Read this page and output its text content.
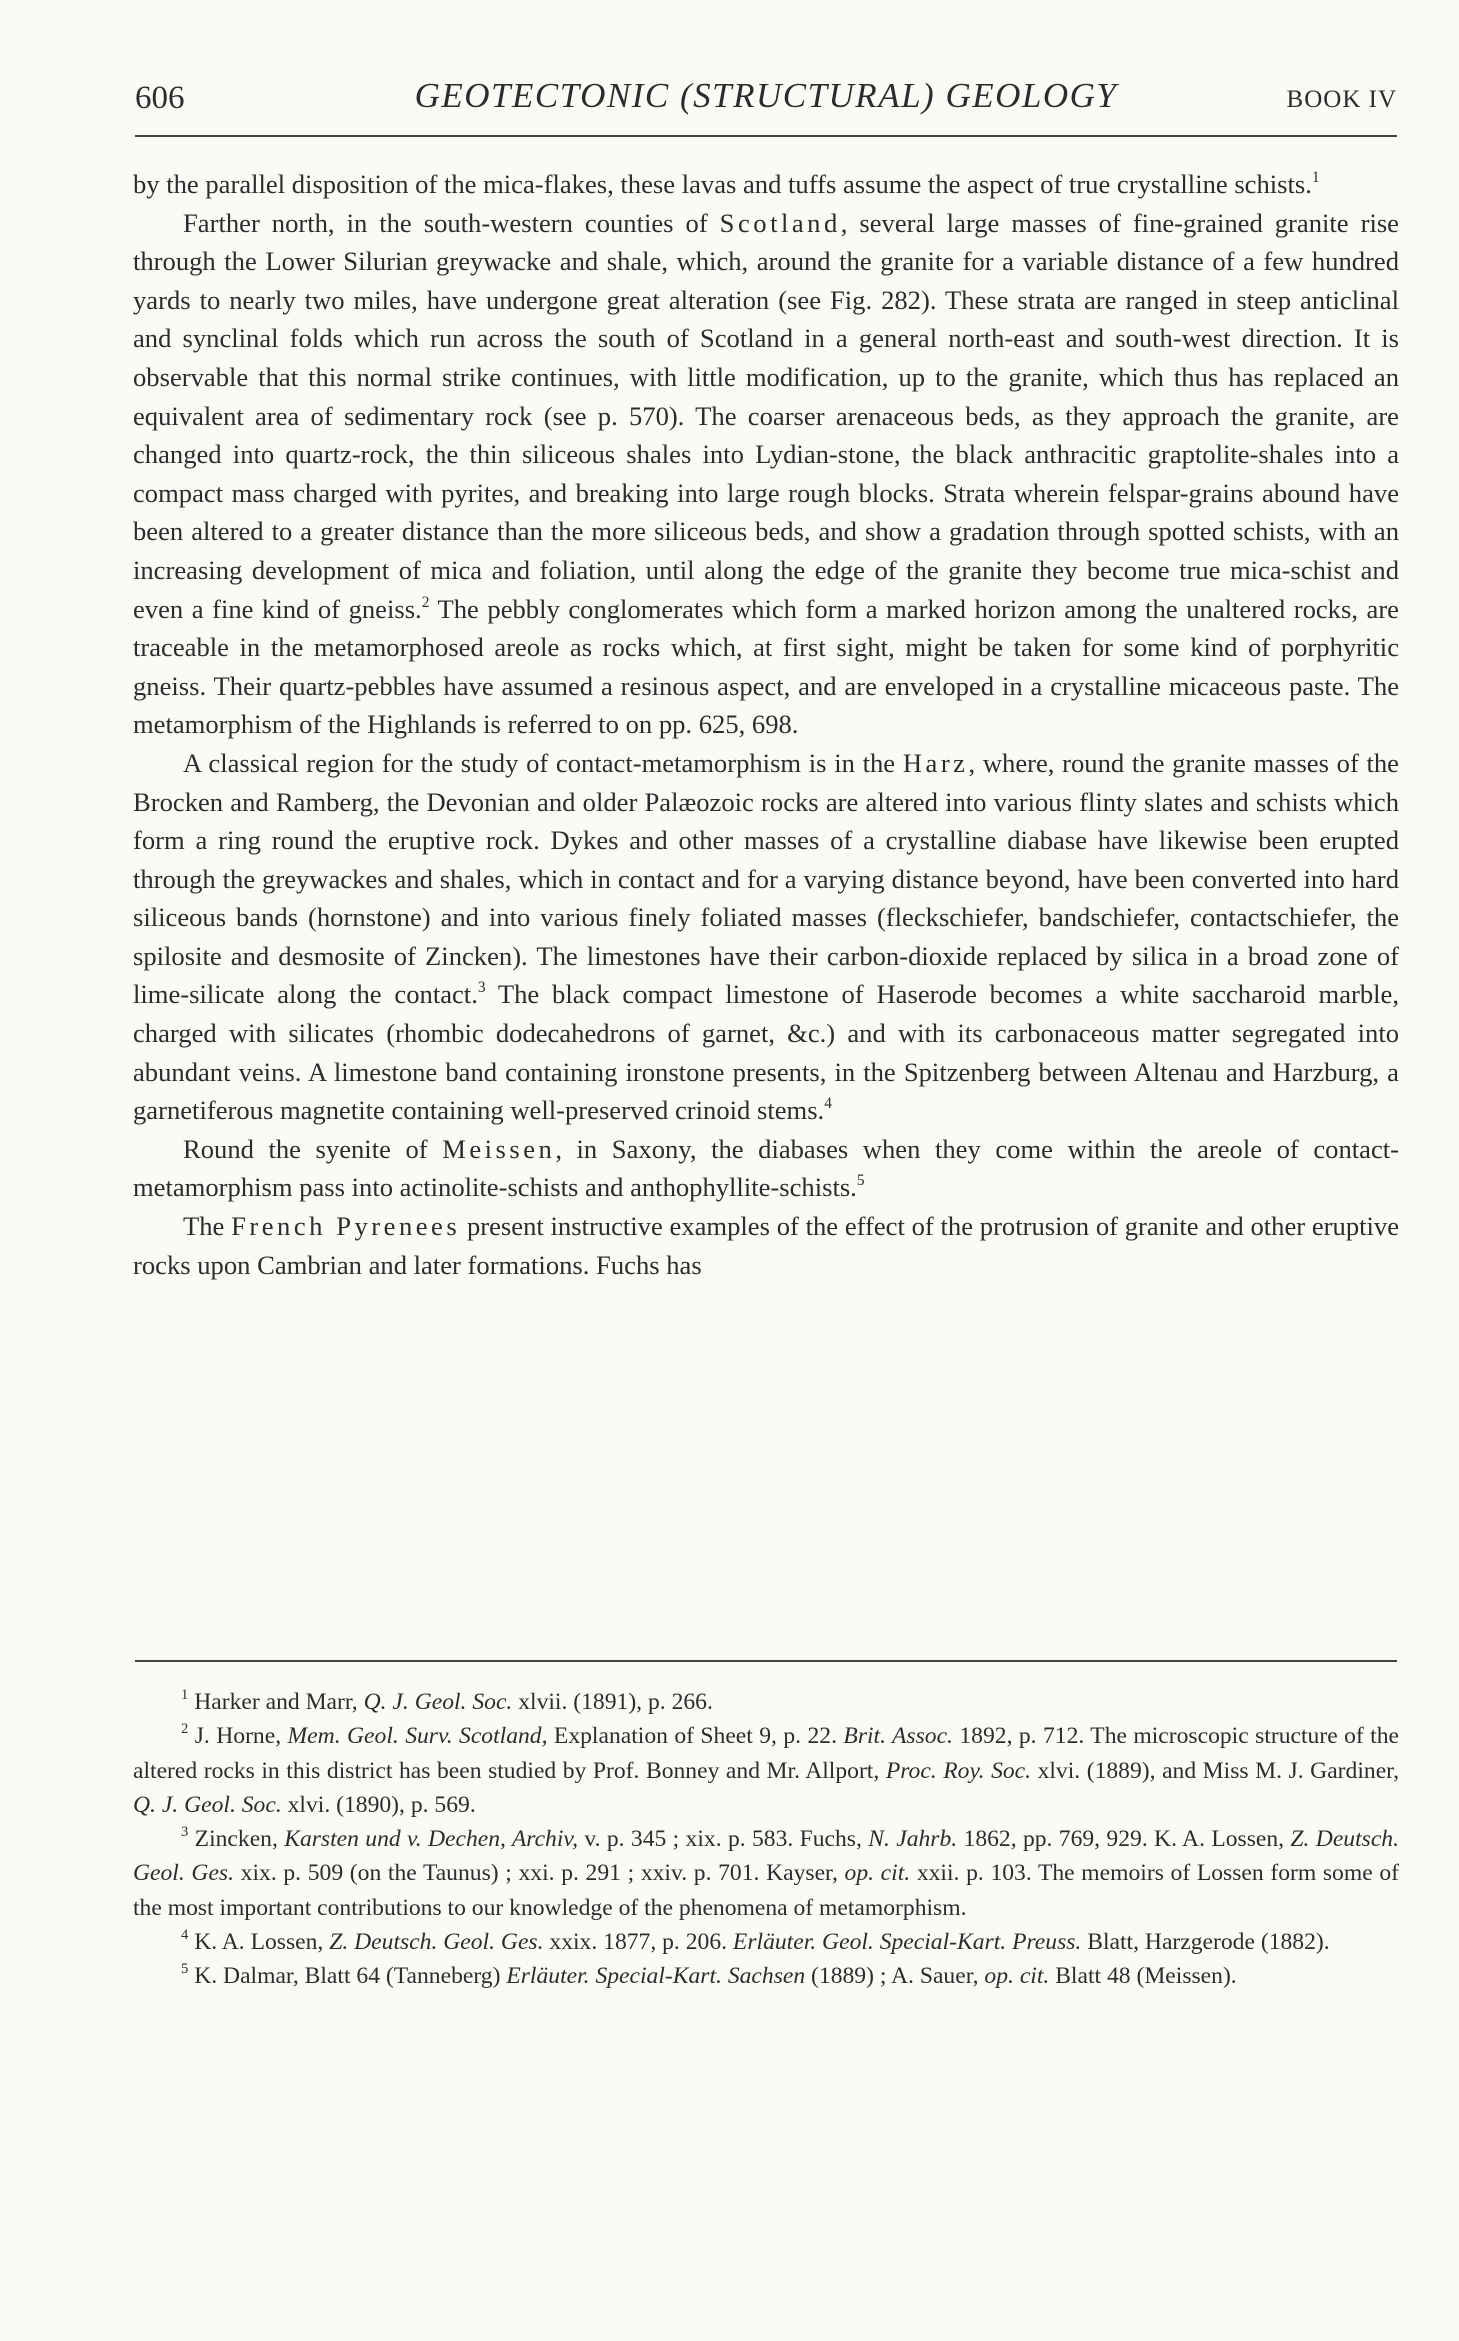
606	GEOTECTONIC (STRUCTURAL) GEOLOGY	BOOK IV

by the parallel disposition of the mica-flakes, these lavas and tuffs assume the aspect of true crystalline schists.$^1$

Farther north, in the south-western counties of Scotland, several large masses of fine-grained granite rise through the Lower Silurian greywacke and shale, which, around the granite for a variable distance of a few hundred yards to nearly two miles, have undergone great alteration (see Fig. 282). These strata are ranged in steep anticlinal and synclinal folds which run across the south of Scotland in a general north-east and south-west direction. It is observable that this normal strike continues, with little modification, up to the granite, which thus has replaced an equivalent area of sedimentary rock (see p. 570). The coarser arenaceous beds, as they approach the granite, are changed into quartz-rock, the thin siliceous shales into Lydian-stone, the black anthracitic graptolite-shales into a compact mass charged with pyrites, and breaking into large rough blocks. Strata wherein felspar-grains abound have been altered to a greater distance than the more siliceous beds, and show a gradation through spotted schists, with an increasing development of mica and foliation, until along the edge of the granite they become true mica-schist and even a fine kind of gneiss.$^2$ The pebbly conglomerates which form a marked horizon among the unaltered rocks, are traceable in the metamorphosed areole as rocks which, at first sight, might be taken for some kind of porphyritic gneiss. Their quartz-pebbles have assumed a resinous aspect, and are enveloped in a crystalline micaceous paste. The metamorphism of the Highlands is referred to on pp. 625, 698.

A classical region for the study of contact-metamorphism is in the Harz, where, round the granite masses of the Brocken and Ramberg, the Devonian and older Palæozoic rocks are altered into various flinty slates and schists which form a ring round the eruptive rock. Dykes and other masses of a crystalline diabase have likewise been erupted through the greywackes and shales, which in contact and for a varying distance beyond, have been converted into hard siliceous bands (hornstone) and into various finely foliated masses (fleckschiefer, bandschiefer, contactschiefer, the spilosite and desmosite of Zincken). The limestones have their carbon-dioxide replaced by silica in a broad zone of lime-silicate along the contact.$^3$ The black compact limestone of Haserode becomes a white saccharoid marble, charged with silicates (rhombic dodecahedrons of garnet, &c.) and with its carbonaceous matter segregated into abundant veins. A limestone band containing ironstone presents, in the Spitzenberg between Altenau and Harzburg, a garnetiferous magnetite containing well-preserved crinoid stems.$^4$

Round the syenite of Meissen, in Saxony, the diabases when they come within the areole of contact-metamorphism pass into actinolite-schists and anthophyllite-schists.$^5$

The French Pyrenees present instructive examples of the effect of the protrusion of granite and other eruptive rocks upon Cambrian and later formations. Fuchs has

$^1$ Harker and Marr, Q. J. Geol. Soc. xlvii. (1891), p. 266.

$^2$ J. Horne, Mem. Geol. Surv. Scotland, Explanation of Sheet 9, p. 22. Brit. Assoc. 1892, p. 712. The microscopic structure of the altered rocks in this district has been studied by Prof. Bonney and Mr. Allport, Proc. Roy. Soc. xlvi. (1889), and Miss M. J. Gardiner, Q. J. Geol. Soc. xlvi. (1890), p. 569.

$^3$ Zincken, Karsten und v. Dechen, Archiv, v. p. 345 ; xix. p. 583. Fuchs, N. Jahrb. 1862, pp. 769, 929. K. A. Lossen, Z. Deutsch. Geol. Ges. xix. p. 509 (on the Taunus) ; xxi. p. 291 ; xxiv. p. 701. Kayser, op. cit. xxii. p. 103. The memoirs of Lossen form some of the most important contributions to our knowledge of the phenomena of metamorphism.

$^4$ K. A. Lossen, Z. Deutsch. Geol. Ges. xxix. 1877, p. 206. Erläuter. Geol. Special-Kart. Preuss. Blatt, Harzgerode (1882).

$^5$ K. Dalmar, Blatt 64 (Tanneberg) Erläuter. Special-Kart. Sachsen (1889) ; A. Sauer, op. cit. Blatt 48 (Meissen).
